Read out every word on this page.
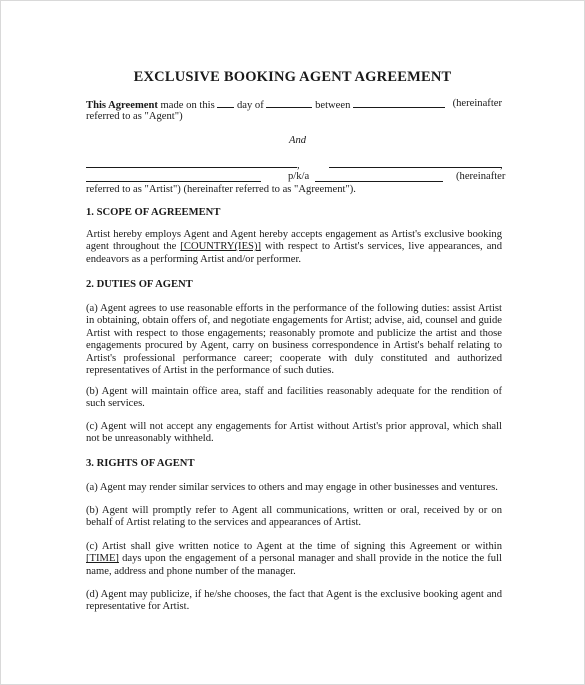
EXCLUSIVE BOOKING AGENT AGREEMENT
This Agreement made on this  day of	between	(hereinafter
referred to as "Agent")
And
,	,
p/k/a	(hereinafter
referred to as "Artist") (hereinafter referred to as "Agreement").
1. SCOPE OF AGREEMENT
Artist hereby employs Agent and Agent hereby accepts engagement as Artist's exclusive booking agent throughout the [COUNTRY(IES)] with respect to Artist's services, live appearances, and endeavors as a performing Artist and/or performer.
2. DUTIES OF AGENT
(a) Agent agrees to use reasonable efforts in the performance of the following duties: assist Artist in obtaining, obtain offers of, and negotiate engagements for Artist; advise, aid, counsel and guide Artist with respect to those engagements; reasonably promote and publicize the artist and those engagements procured by Agent, carry on business correspondence in Artist's behalf relating to Artist's professional performance career; cooperate with duly constituted and authorized representatives of Artist in the performance of such duties.
(b) Agent will maintain office area, staff and facilities reasonably adequate for the rendition of such services.
(c) Agent will not accept any engagements for Artist without Artist's prior approval, which shall not be unreasonably withheld.
3. RIGHTS OF AGENT
(a) Agent may render similar services to others and may engage in other businesses and ventures.
(b) Agent will promptly refer to Agent all communications, written or oral, received by or on behalf of Artist relating to the services and appearances of Artist.
(c) Artist shall give written notice to Agent at the time of signing this Agreement or within [TIME] days upon the engagement of a personal manager and shall provide in the notice the full name, address and phone number of the manager.
(d) Agent may publicize, if he/she chooses, the fact that Agent is the exclusive booking agent and representative for Artist.
